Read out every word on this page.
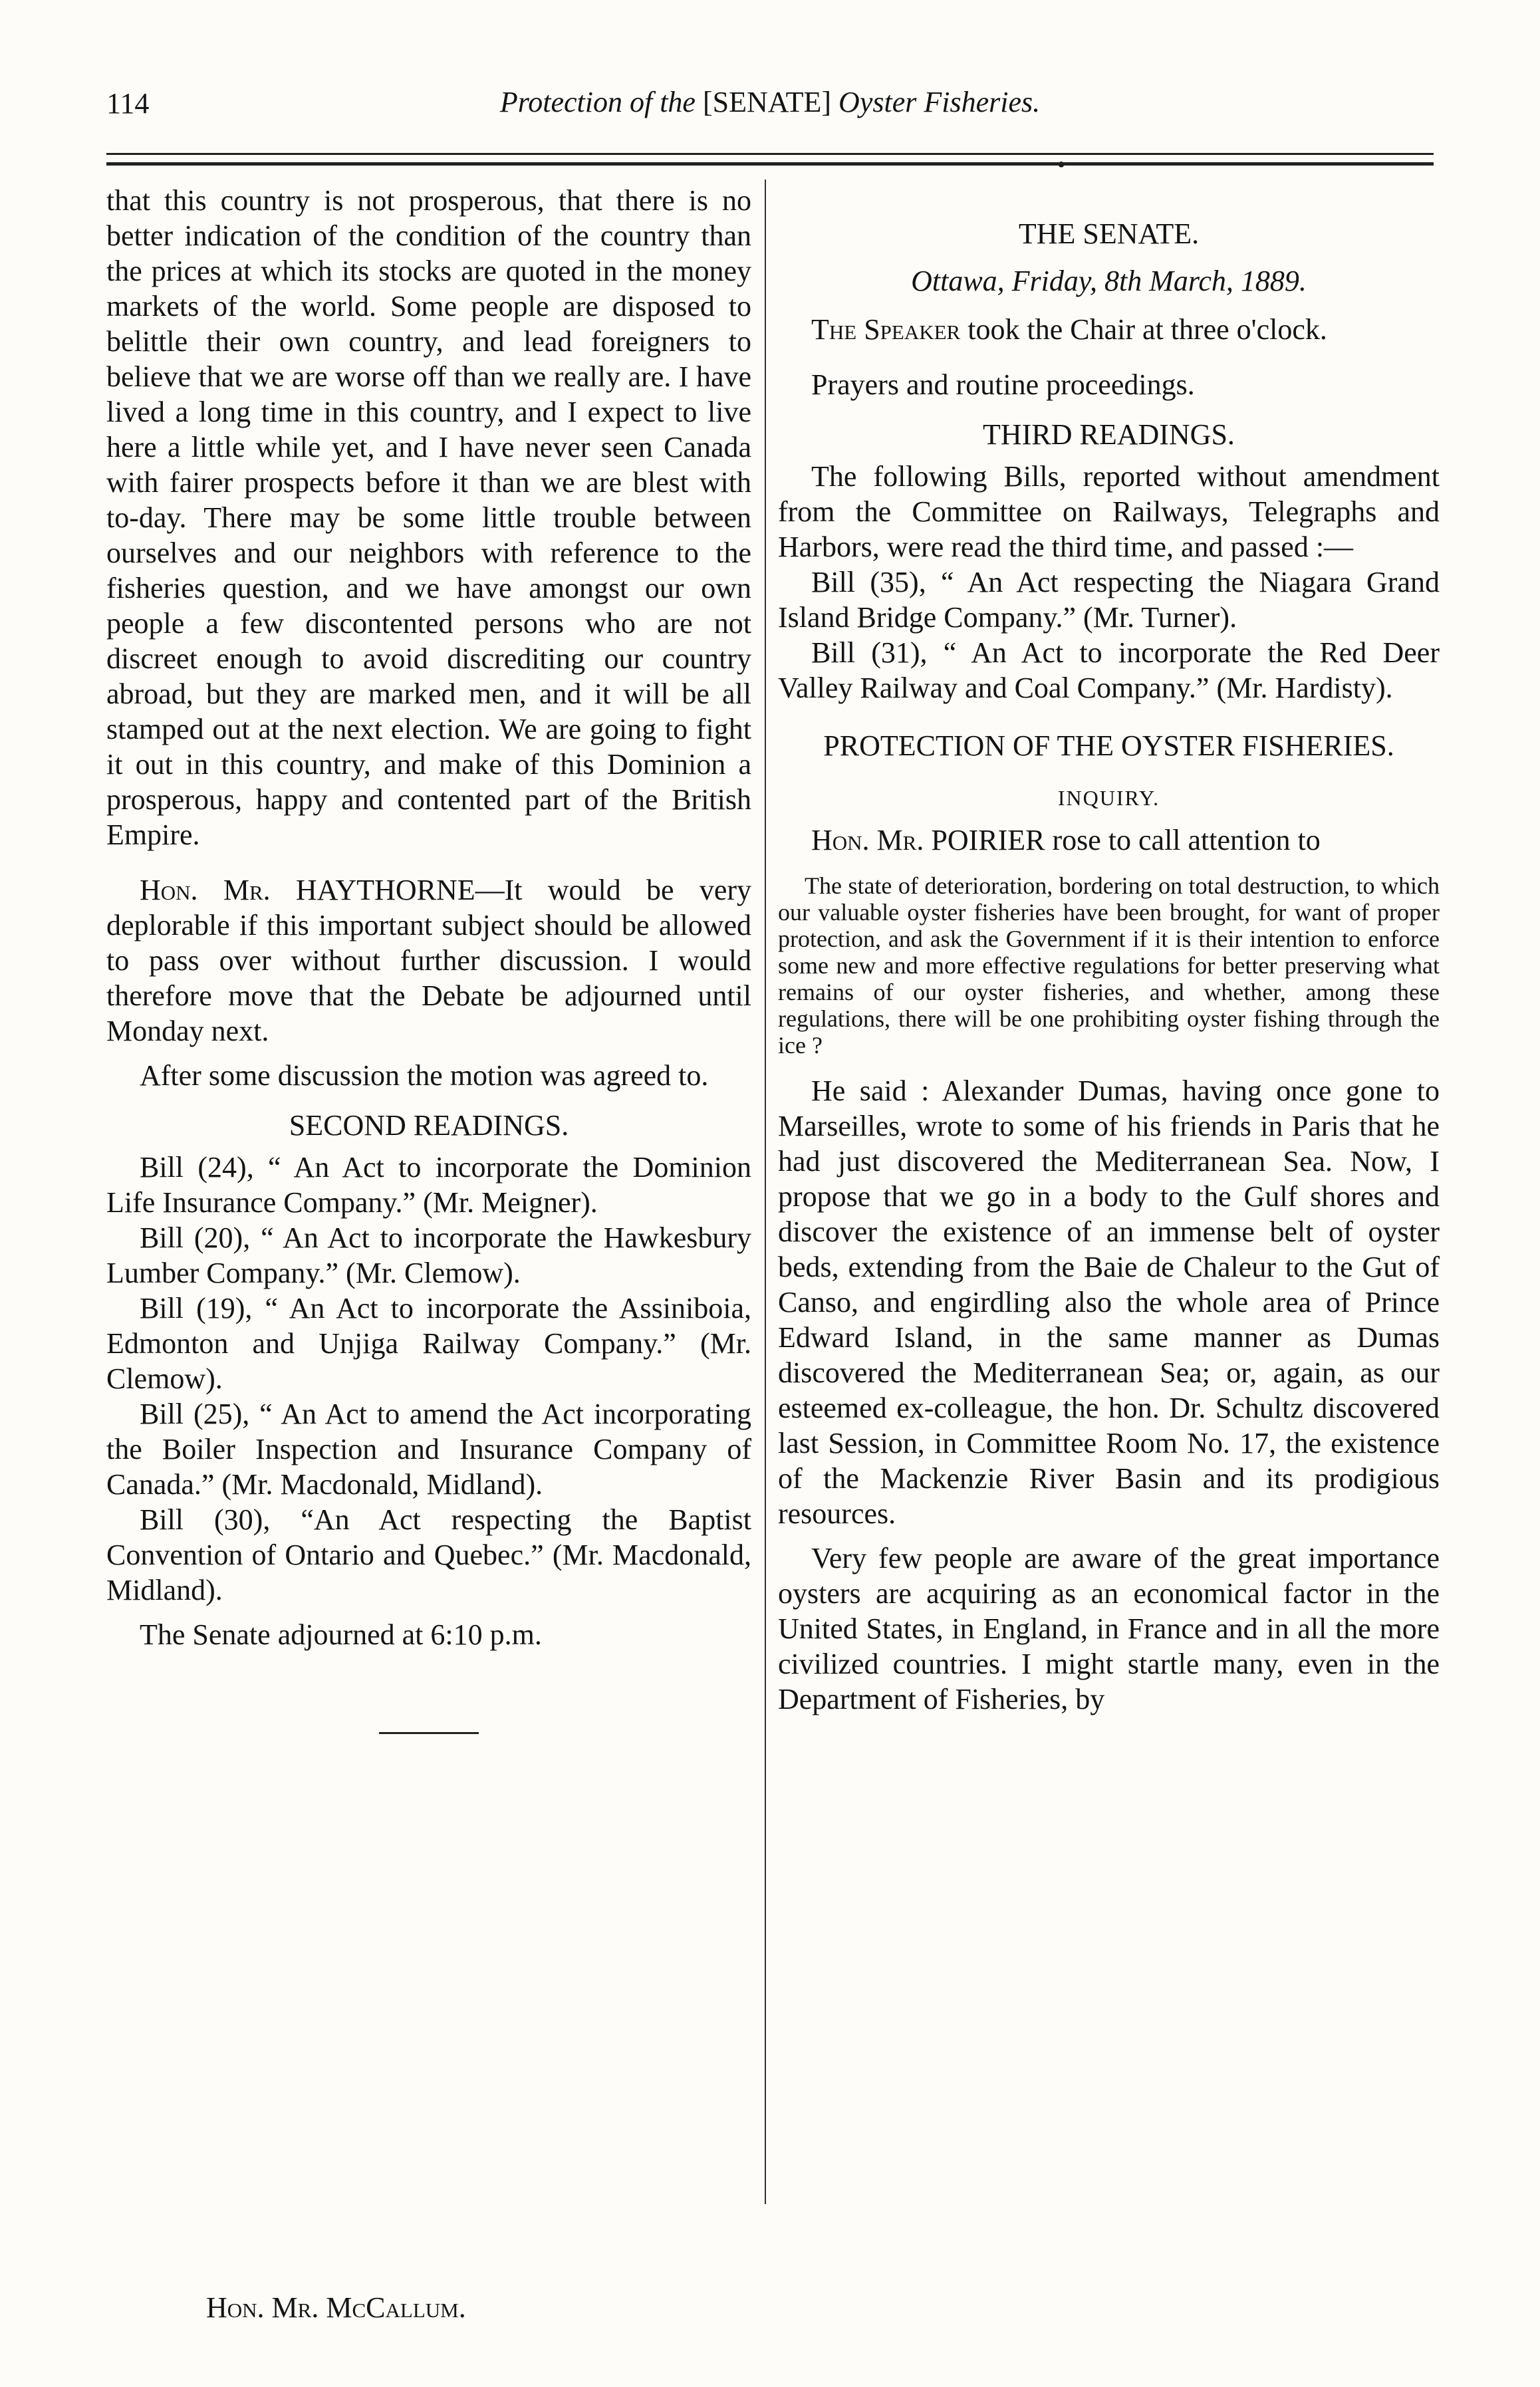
114	Protection of the [SENATE] Oyster Fisheries.
●

that this country is not prosperous, that there is no better indication of the condition of the country than the prices at which its stocks are quoted in the money markets of the world. Some people are disposed to belittle their own country, and lead foreigners to believe that we are worse off than we really are. I have lived a long time in this country, and I expect to live here a little while yet, and I have never seen Canada with fairer prospects before it than we are blest with to-day. There may be some little trouble between ourselves and our neighbors with reference to the fisheries question, and we have amongst our own people a few discontented persons who are not discreet enough to avoid discrediting our country abroad, but they are marked men, and it will be all stamped out at the next election. We are going to fight it out in this country, and make of this Dominion a prosperous, happy and contented part of the British Empire.

Hon. Mr. HAYTHORNE—It would be very deplorable if this important subject should be allowed to pass over without further discussion. I would therefore move that the Debate be adjourned until Monday next.

After some discussion the motion was agreed to.

SECOND READINGS.

Bill (24), “ An Act to incorporate the Dominion Life Insurance Company.” (Mr. Meigner).

Bill (20), “ An Act to incorporate the Hawkesbury Lumber Company.” (Mr. Clemow).

Bill (19), “ An Act to incorporate the Assiniboia, Edmonton and Unjiga Railway Company.” (Mr. Clemow).

Bill (25), “ An Act to amend the Act incorporating the Boiler Inspection and Insurance Company of Canada.” (Mr. Macdonald, Midland).

Bill (30), “An Act respecting the Baptist Convention of Ontario and Quebec.” (Mr. Macdonald, Midland).

The Senate adjourned at 6:10 p.m.

THE SENATE.
Ottawa, Friday, 8th March, 1889.

The Speaker took the Chair at three o'clock.

Prayers and routine proceedings.

THIRD READINGS.

The following Bills, reported without amendment from the Committee on Railways, Telegraphs and Harbors, were read the third time, and passed :—

Bill (35), “ An Act respecting the Niagara Grand Island Bridge Company.” (Mr. Turner).

Bill (31), “ An Act to incorporate the Red Deer Valley Railway and Coal Company.” (Mr. Hardisty).

PROTECTION OF THE OYSTER FISHERIES.
INQUIRY.

Hon. Mr. POIRIER rose to call attention to

The state of deterioration, bordering on total destruction, to which our valuable oyster fisheries have been brought, for want of proper protection, and ask the Government if it is their intention to enforce some new and more effective regulations for better preserving what remains of our oyster fisheries, and whether, among these regulations, there will be one prohibiting oyster fishing through the ice ?

He said : Alexander Dumas, having once gone to Marseilles, wrote to some of his friends in Paris that he had just discovered the Mediterranean Sea. Now, I propose that we go in a body to the Gulf shores and discover the existence of an immense belt of oyster beds, extending from the Baie de Chaleur to the Gut of Canso, and engirdling also the whole area of Prince Edward Island, in the same manner as Dumas discovered the Mediterranean Sea; or, again, as our esteemed ex-colleague, the hon. Dr. Schultz discovered last Session, in Committee Room No. 17, the existence of the Mackenzie River Basin and its prodigious resources.

Very few people are aware of the great importance oysters are acquiring as an economical factor in the United States, in England, in France and in all the more civilized countries. I might startle many, even in the Department of Fisheries, by

Hon. Mr. McCallum.
